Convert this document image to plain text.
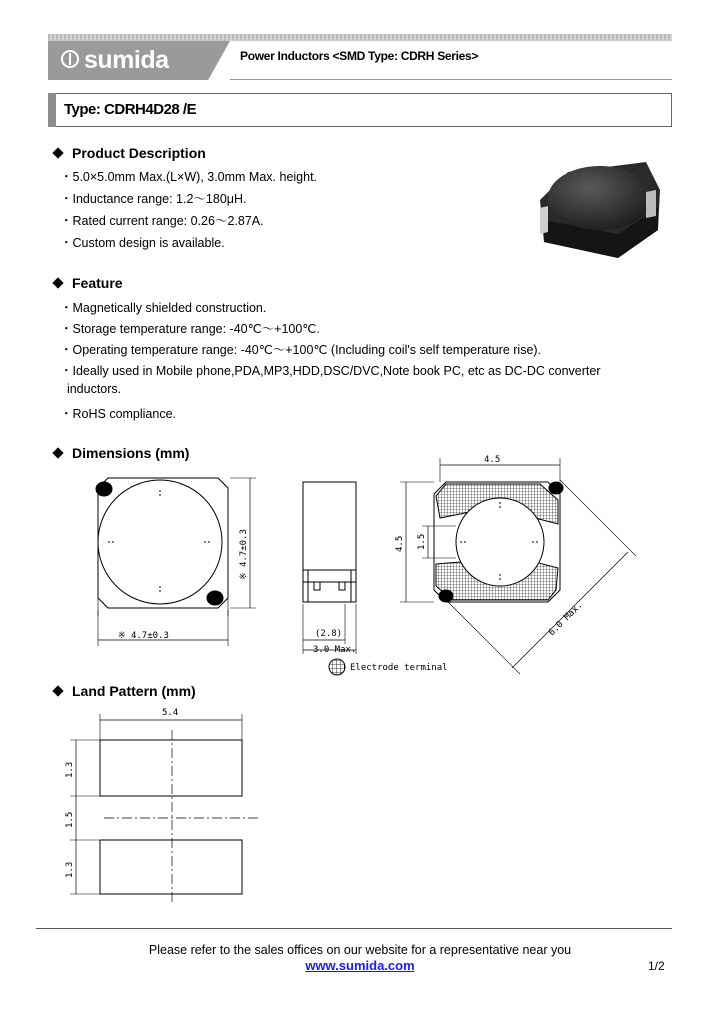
sumida	Power Inductors <SMD Type: CDRH Series>
Type: CDRH4D28 /E
Product Description
・5.0×5.0mm Max.(L×W), 3.0mm Max. height.
・Inductance range: 1.2～180μH.
・Rated current range: 0.26～2.87A.
・Custom design is available.
Feature
・Magnetically shielded construction.
・Storage temperature range: -40℃～+100℃.
・Operating temperature range: -40℃～+100℃ (Including coil's self temperature rise).
・Ideally used in Mobile phone,PDA,MP3,HDD,DSC/DVC,Note book PC, etc as DC-DC converter
inductors.
・RoHS compliance.
Dimensions (mm)
※ 4.7±0.3
※ 4.7±0.3
(2.8)
3.0 Max.
4.5
4.5 1.5
6.0 Max.
Electrode terminal
Land Pattern (mm)
5.4
1.3
1.5
1.3
Please refer to the sales offices on our website for a representative near you
www.sumida.com	1/2
